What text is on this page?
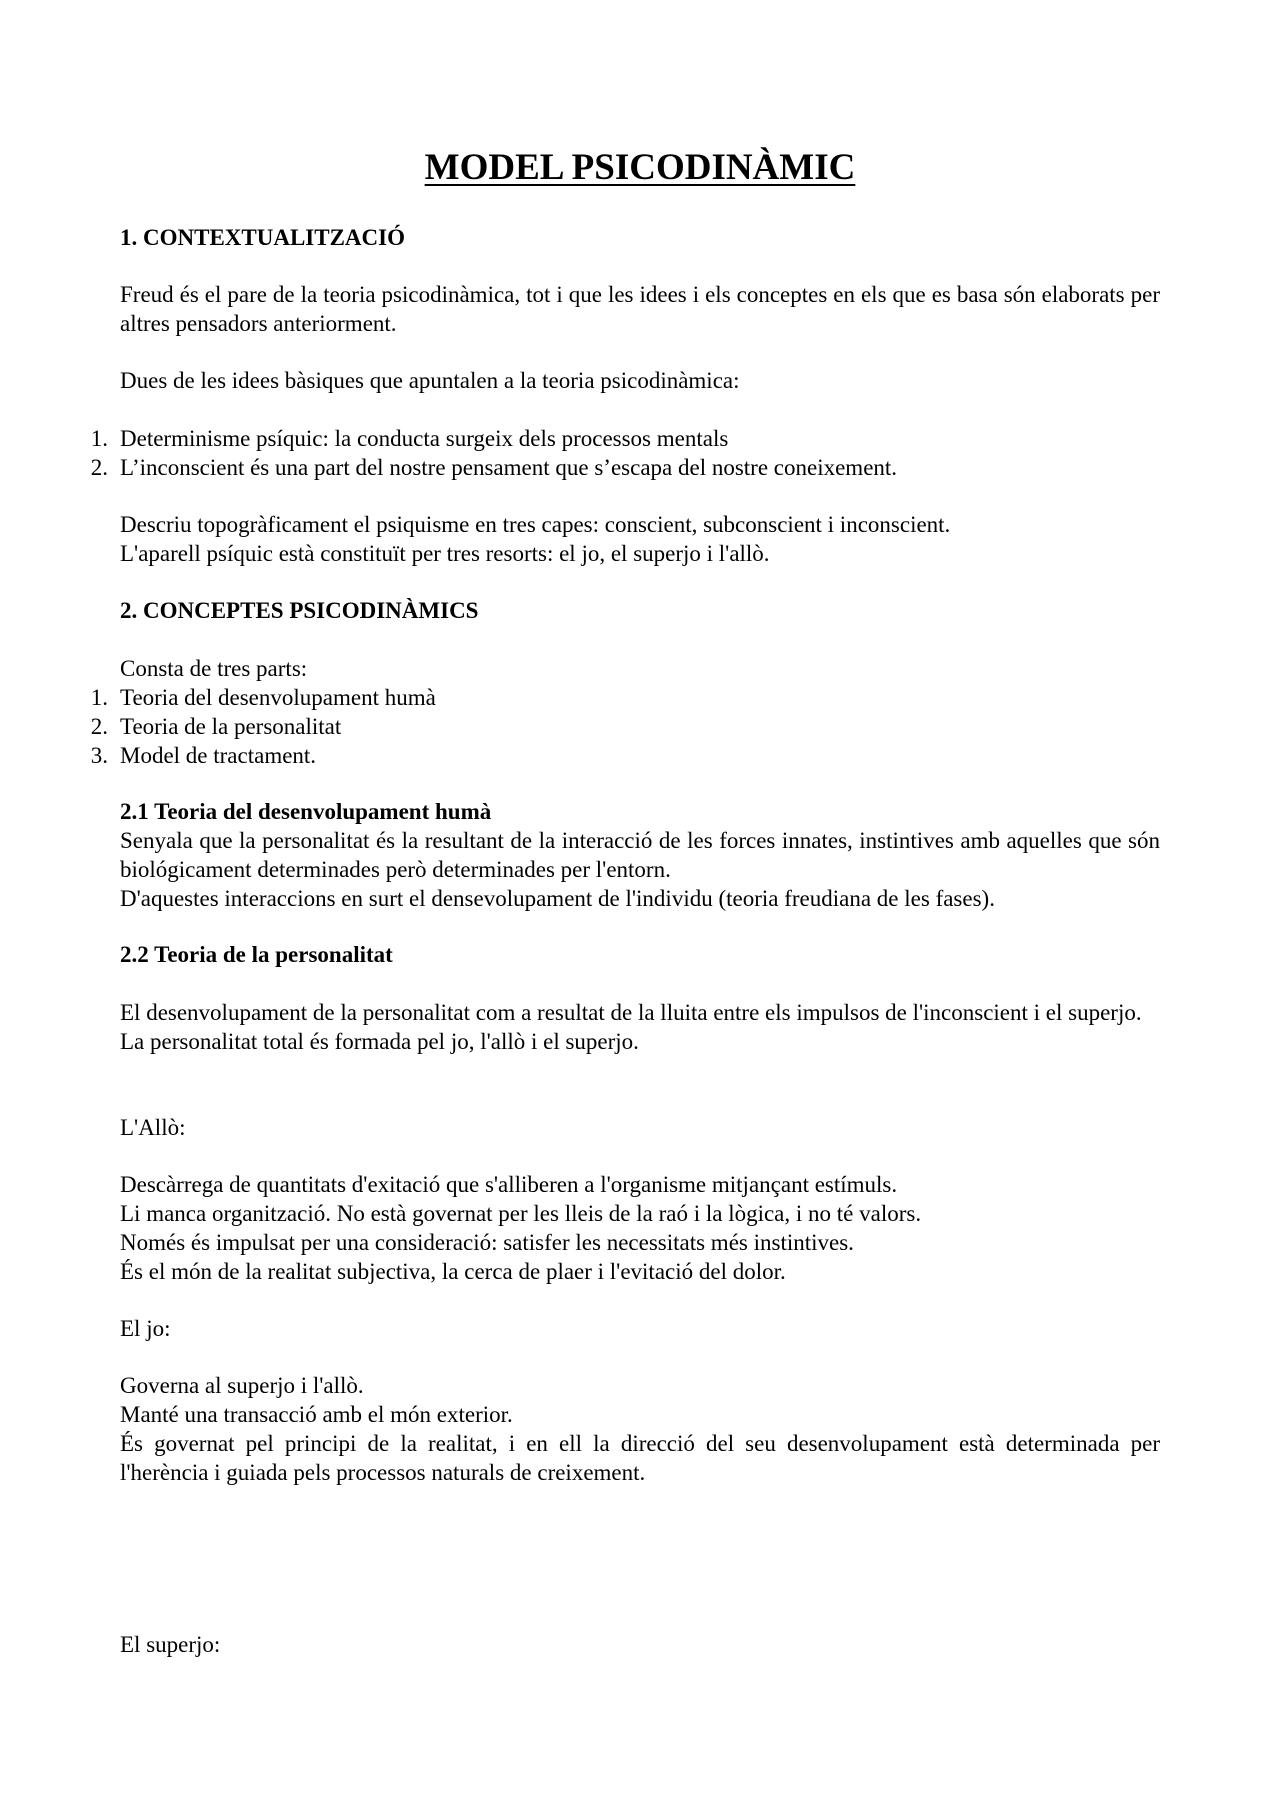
MODEL PSICODINÀMIC
1. CONTEXTUALITZACIÓ

Freud és el pare de la teoria psicodinàmica, tot i que les idees i els conceptes en els que es basa són elaborats per altres pensadors anteriorment.

Dues de les idees bàsiques que apuntalen a la teoria psicodinàmica:

1. Determinisme psíquic: la conducta surgeix dels processos mentals
2. L’inconscient és una part del nostre pensament que s’escapa del nostre coneixement.
Descriu topogràficament el psiquisme en tres capes: conscient, subconscient i inconscient.
L'aparell psíquic està constituït per tres resorts: el jo, el superjo i l'allò.
2. CONCEPTES PSICODINÀMICS
Consta de tres parts:
1. Teoria del desenvolupament humà
2. Teoria de la personalitat
3. Model de tractament.
2.1 Teoria del desenvolupament humà
Senyala que la personalitat és la resultant de la interacció de les forces innates, instintives amb aquelles que són biológicament determinades però determinades per l'entorn.
D'aquestes interaccions en surt el densevolupament de l'individu (teoria freudiana de les fases).
2.2 Teoria de la personalitat
El desenvolupament de la personalitat com a resultat de la lluita entre els impulsos de l'inconscient i el superjo.
La personalitat total és formada pel jo, l'allò i el superjo.
L'Allò:
Descàrrega de quantitats d'exitació que s'alliberen a l'organisme mitjançant estímuls.
Li manca organització. No està governat per les lleis de la raó i la lògica, i no té valors.
Només és impulsat per una consideració: satisfer les necessitats més instintives.
És el món de la realitat subjectiva, la cerca de plaer i l'evitació del dolor.
El jo:
Governa al superjo i l'allò.
Manté una transacció amb el món exterior.
És governat pel principi de la realitat, i en ell la direcció del seu desenvolupament està determinada per l'herència i guiada pels processos naturals de creixement.
El superjo:
